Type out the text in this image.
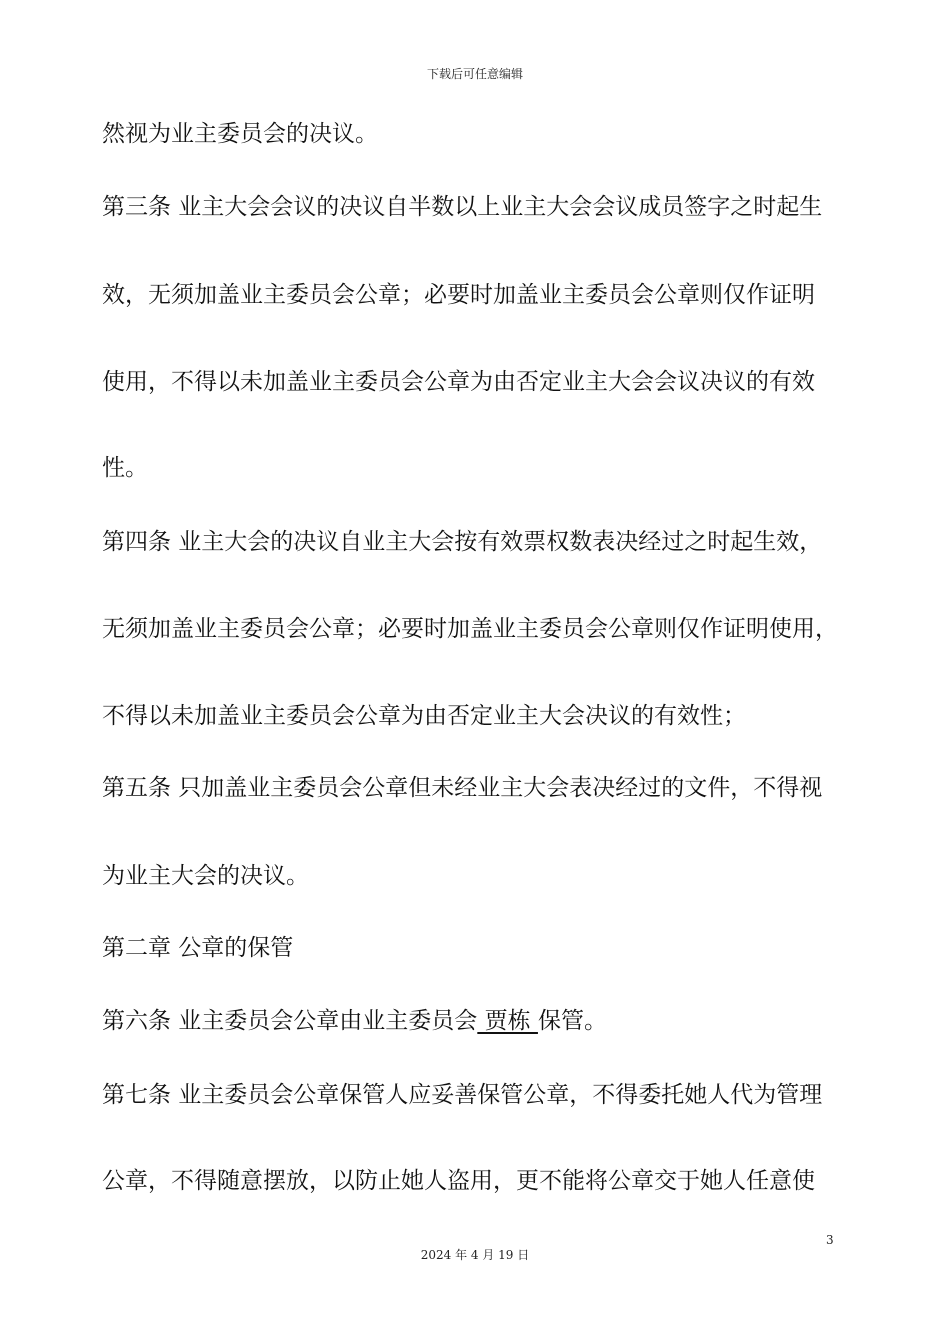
下载后可任意编辑
然视为业主委员会的决议。
第三条 业主大会会议的决议自半数以上业主大会会议成员签字之时起生
效，无须加盖业主委员会公章；必要时加盖业主委员会公章则仅作证明
使用，不得以未加盖业主委员会公章为由否定业主大会会议决议的有效
性。
第四条 业主大会的决议自业主大会按有效票权数表决经过之时起生效，
无须加盖业主委员会公章；必要时加盖业主委员会公章则仅作证明使用，
不得以未加盖业主委员会公章为由否定业主大会决议的有效性；
第五条 只加盖业主委员会公章但未经业主大会表决经过的文件，不得视
为业主大会的决议。
第二章 公章的保管
第六条 业主委员会公章由业主委员会 贾栋 保管。
第七条 业主委员会公章保管人应妥善保管公章，不得委托她人代为管理
公章，不得随意摆放，以防止她人盗用，更不能将公章交于她人任意使
3
2024 年 4 月 19 日
